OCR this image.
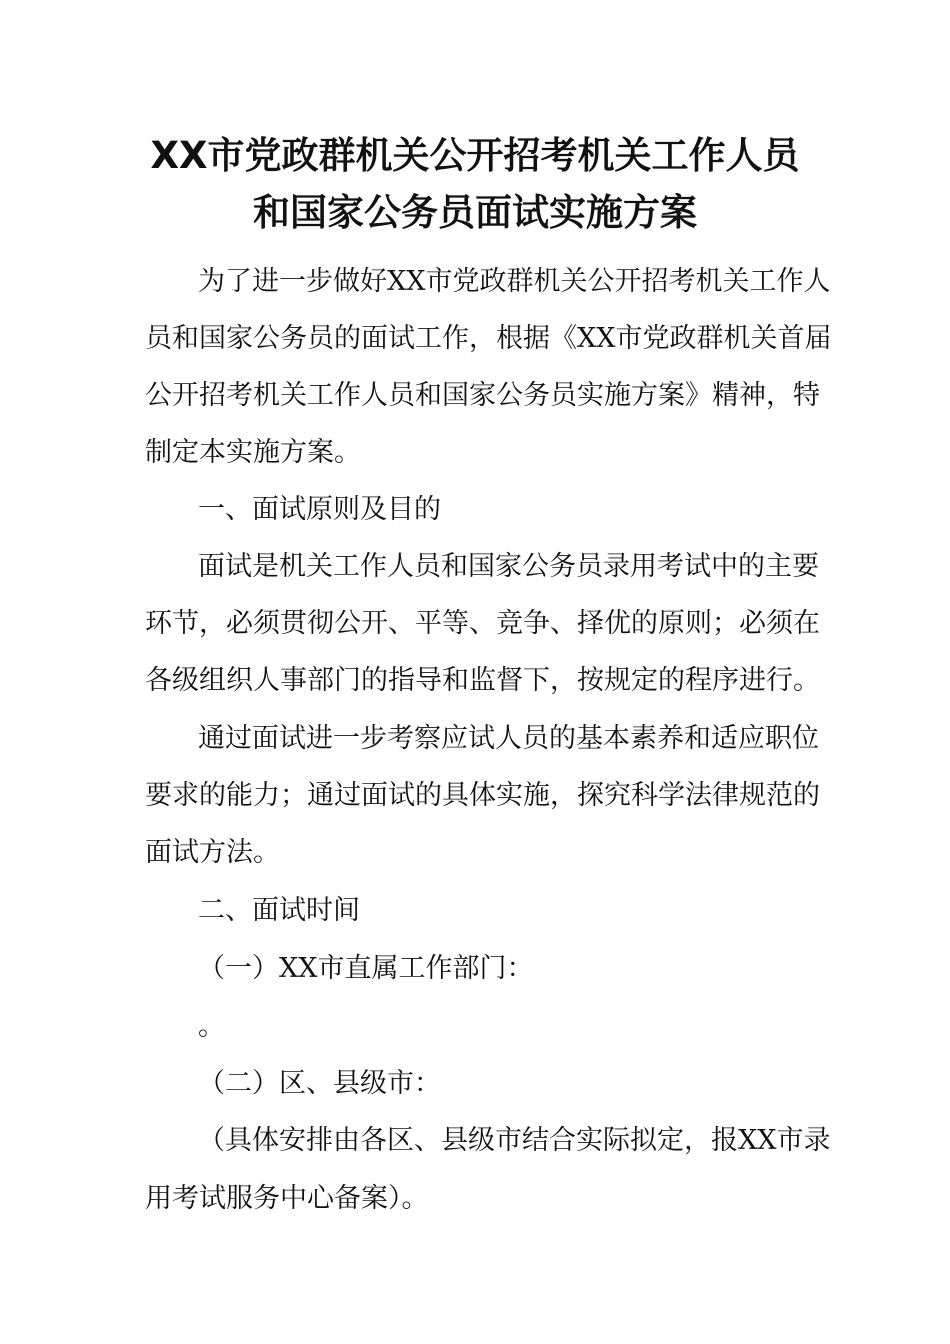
XX市党政群机关公开招考机关工作人员
和国家公务员面试实施方案
为了进一步做好XX市党政群机关公开招考机关工作人
员和国家公务员的面试工作，根据《XX市党政群机关首届
公开招考机关工作人员和国家公务员实施方案》精神，特
制定本实施方案。
一、面试原则及目的
面试是机关工作人员和国家公务员录用考试中的主要
环节，必须贯彻公开、平等、竞争、择优的原则；必须在
各级组织人事部门的指导和监督下，按规定的程序进行。
通过面试进一步考察应试人员的基本素养和适应职位
要求的能力；通过面试的具体实施，探究科学法律规范的
面试方法。
二、面试时间
（一）XX市直属工作部门：
。
（二）区、县级市：
（具体安排由各区、县级市结合实际拟定，报XX市录
用考试服务中心备案）。
